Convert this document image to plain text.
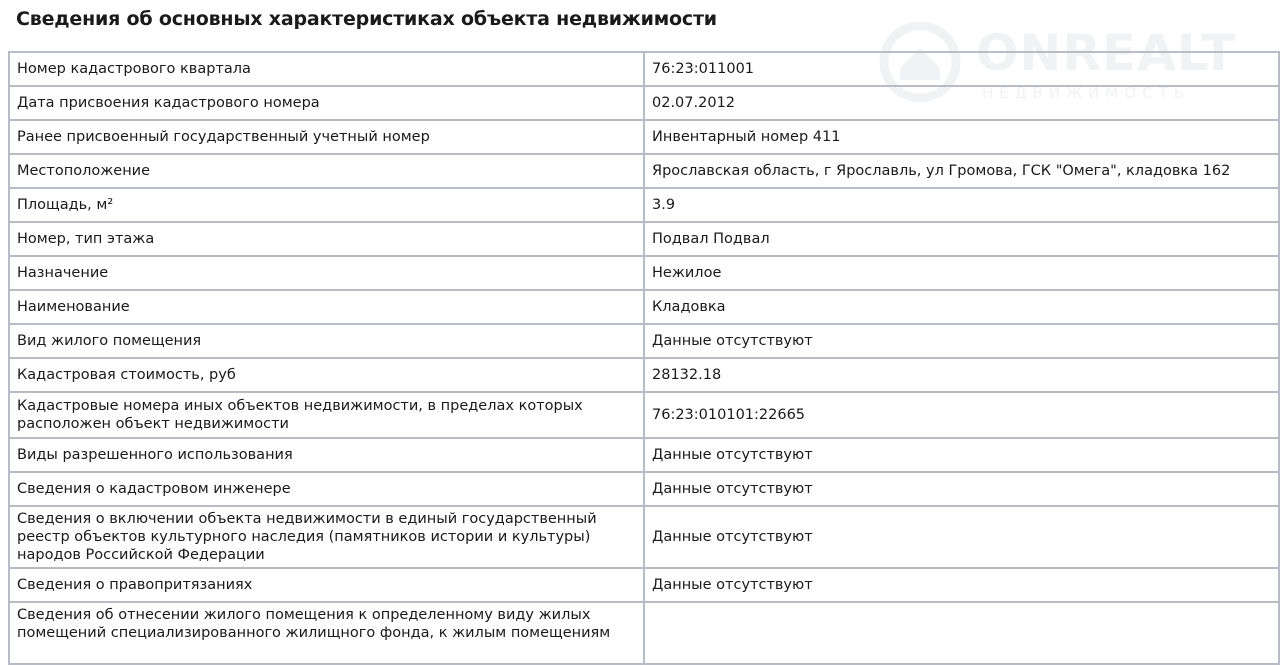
Сведения об основных характеристиках объекта недвижимости
ONREALT
НЕДВИЖИМОСТЬ
Номер кадастрового квартала	76:23:011001
Дата присвоения кадастрового номера	02.07.2012
Ранее присвоенный государственный учетный номер	Инвентарный номер 411
Местоположение	Ярославская область, г Ярославль, ул Громова, ГСК "Омега", кладовка 162
Площадь, м²	3.9
Номер, тип этажа	Подвал Подвал
Назначение	Нежилое
Наименование	Кладовка
Вид жилого помещения	Данные отсутствуют
Кадастровая стоимость, руб	28132.18
Кадастровые номера иных объектов недвижимости, в пределах которых расположен объект недвижимости	76:23:010101:22665
Виды разрешенного использования	Данные отсутствуют
Сведения о кадастровом инженере	Данные отсутствуют
Сведения о включении объекта недвижимости в единый государственный реестр объектов культурного наследия (памятников истории и культуры) народов Российской Федерации	Данные отсутствуют
Сведения о правопритязаниях	Данные отсутствуют
Сведения об отнесении жилого помещения к определенному виду жилых помещений специализированного жилищного фонда, к жилым помещениям	
